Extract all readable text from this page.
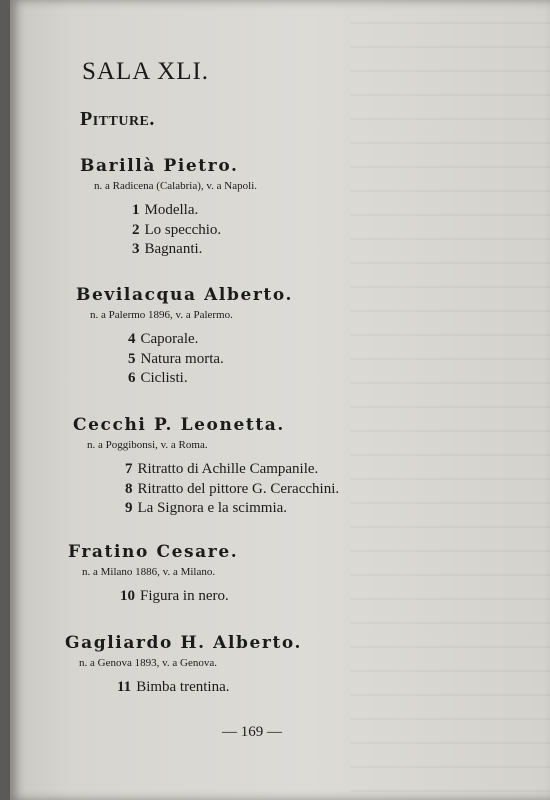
SALA XLI.
Pitture.

Barillà Pietro.

n. a Radicena (Calabria), v. a Napoli.

1 Modella.
2 Lo specchio.
3 Bagnanti.

Bevilacqua Alberto.

n. a Palermo 1896, v. a Palermo.

4 Caporale.
5 Natura morta.
6 Ciclisti.

Cecchi P. Leonetta.

n. a Poggibonsi, v. a Roma.

7 Ritratto di Achille Campanile.
8 Ritratto del pittore G. Ceracchini.
9 La Signora e la scimmia.

Fratino Cesare.

n. a Milano 1886, v. a Milano.

10 Figura in nero.

Gagliardo H. Alberto.

n. a Genova 1893, v. a Genova.

11 Bimba trentina.
— 169 —
